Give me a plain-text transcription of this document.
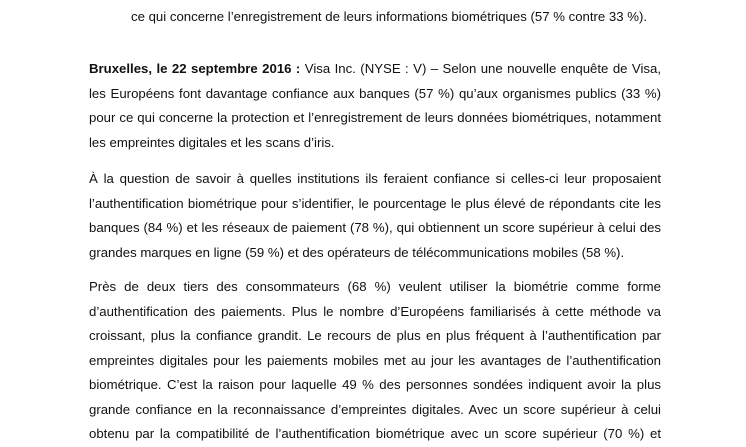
ce qui concerne l’enregistrement de leurs informations biométriques (57 % contre 33 %).

Bruxelles, le 22 septembre 2016 : Visa Inc. (NYSE : V) – Selon une nouvelle enquête de Visa,
les Européens font davantage confiance aux banques (57 %) qu’aux organismes publics (33 %)
pour ce qui concerne la protection et l’enregistrement de leurs données biométriques, notamment
les empreintes digitales et les scans d’iris.

À la question de savoir à quelles institutions ils feraient confiance si celles-ci leur proposaient
l’authentification biométrique pour s’identifier, le pourcentage le plus élevé de répondants cite les
banques (84 %) et les réseaux de paiement (78 %), qui obtiennent un score supérieur à celui des
grandes marques en ligne (59 %) et des opérateurs de télécommunications mobiles (58 %).

Près de deux tiers des consommateurs (68 %) veulent utiliser la biométrie comme forme
d’authentification des paiements. Plus le nombre d’Européens familiarisés à cette méthode va
croissant, plus la confiance grandit. Le recours de plus en plus fréquent à l’authentification par
empreintes digitales pour les paiements mobiles met au jour les avantages de l’authentification
biométrique. C’est la raison pour laquelle 49 % des personnes sondées indiquent avoir la plus
grande confiance en la reconnaissance d’empreintes digitales. Avec un score supérieur à celui
obtenu par la compatibilité de l’authentification biométrique avec un score supérieur (70 %) et
